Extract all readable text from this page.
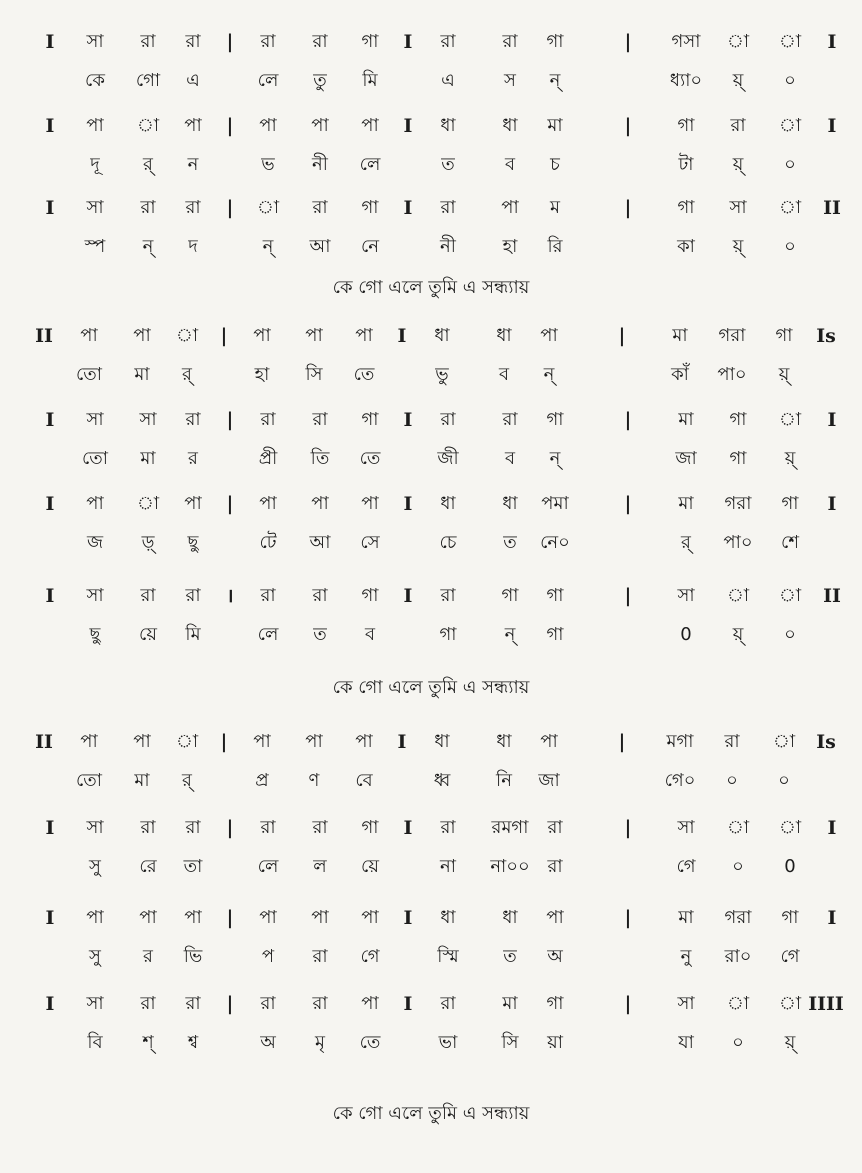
I সা রা রা | রা রা গা I রা	রা গা	| গসা া া I
কে গো এ	লে তু মি	এ	স ন্	ধ্যা০ য়্ ০
I পা া পা | পা পা পা I ধা	ধা মা	|	গা রা া I
দূ র্ ন	ভ নী লে	ত	ব চ	টা য়্ ০
I সা রা রা | া রা গা I রা	পা ম	|	গা সা া II
স্প ন্ দ	ন্ আ নে	নী	হা রি	কা য়্ ০
কে গো এলে তুমি এ সন্ধ্যায়
II পা পা া | পা পা পা I ধা	ধা পা	|	মা গরা গা Is
তো মা র্	হা সি তে	ভু	ব ন্	কাঁ পা০ য়্
I সা সা রা | রা রা গা I রা	রা গা	|	মা গা া I
তো মা র	প্রী তি তে	জী	ব ন্	জা গা য়্
I পা া পা | পা পা পা I ধা	ধা পমা	|	মা গরা গা I
জ ড়্ ছু	টে আ সে	চে	ত নে০	র্ পা০ শে
I সা রা রা । রা রা গা I রা	গা গা	|	সা া া II
ছু য়ে মি	লে ত ব	গা	ন্ গা	0 য়্ ০
কে গো এলে তুমি এ সন্ধ্যায়
II পা পা া | পা পা পা I ধা	ধা পা	| মগা রা া Is
তো মা র্	প্র ণ বে	ধ্ব	নি জা	গে০ ০ ০
I সা রা রা | রা রা গা I রা রমগা রা	|	সা া া I
সু রে তা	লে ল য়ে	না না০০ রা	গে ০ 0
I পা পা পা | পা পা পা I ধা	ধা পা	|	মা গরা গা I
সু র ভি	প রা গে	স্মি ত অ	নু রা০ গে
I সা রা রা | রা রা পা I রা	মা গা	|	সা া া IIII
বি শ্ শ্ব	অ মৃ তে	ভা সি য়া	যা ০ য়্
কে গো এলে তুমি এ সন্ধ্যায়
